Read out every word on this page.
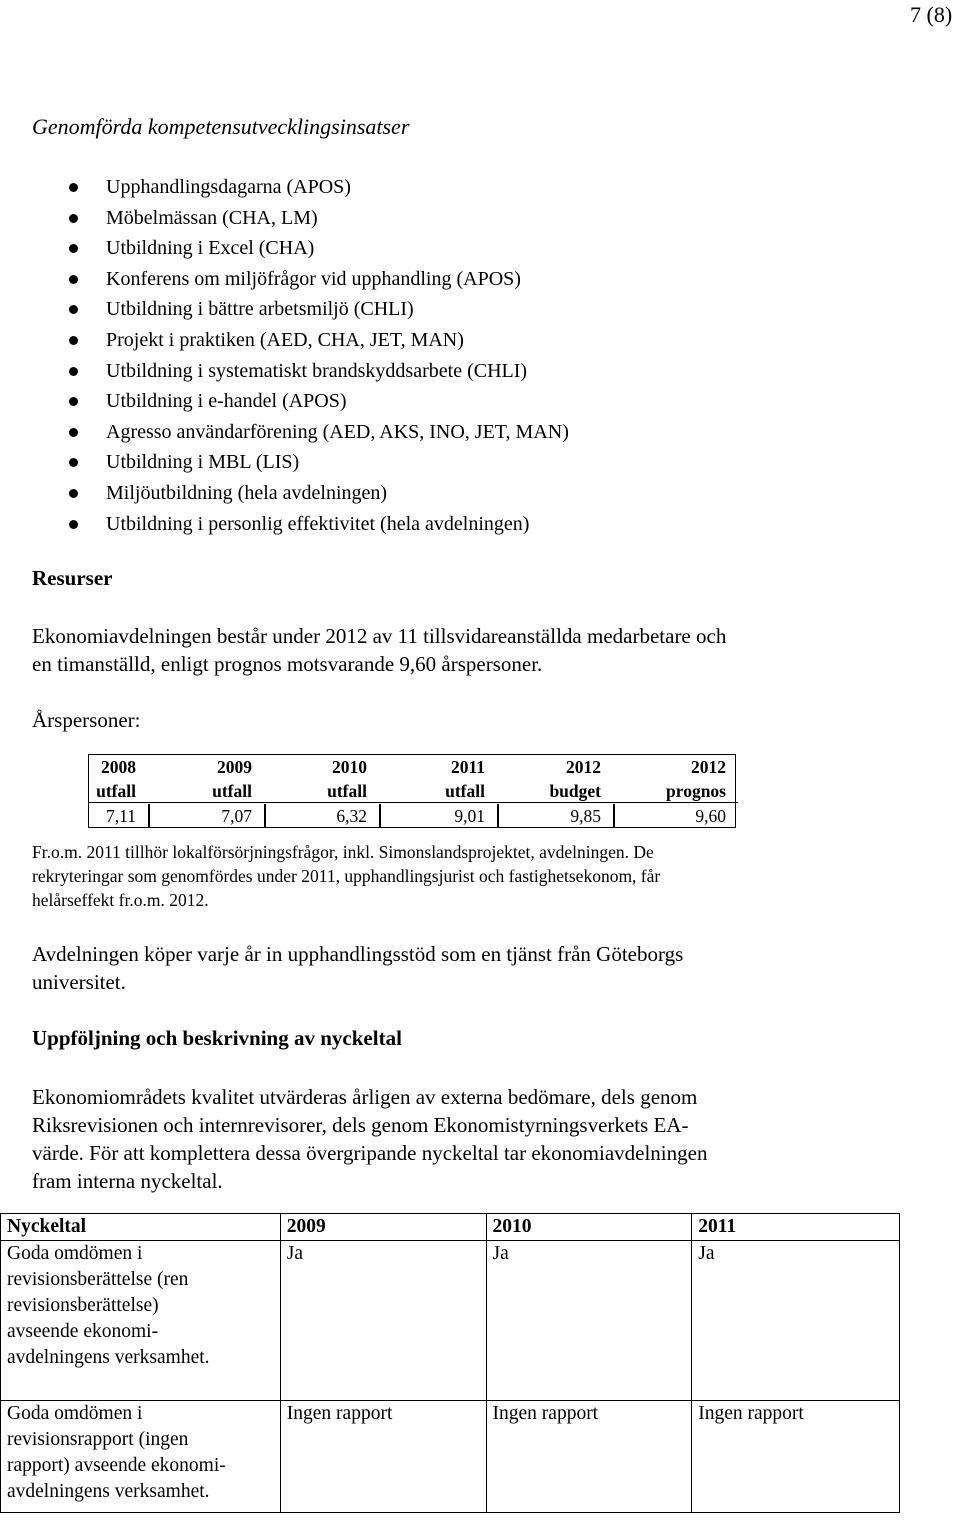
7 (8)
Genomförda kompetensutvecklingsinsatser
Upphandlingsdagarna (APOS)
Möbelmässan (CHA, LM)
Utbildning i Excel (CHA)
Konferens om miljöfrågor vid upphandling (APOS)
Utbildning i bättre arbetsmiljö (CHLI)
Projekt i praktiken (AED, CHA, JET, MAN)
Utbildning i systematiskt brandskyddsarbete (CHLI)
Utbildning i e-handel (APOS)
Agresso användarförening (AED, AKS, INO, JET, MAN)
Utbildning i MBL (LIS)
Miljöutbildning (hela avdelningen)
Utbildning i personlig effektivitet (hela avdelningen)
Resurser
Ekonomiavdelningen består under 2012 av 11 tillsvidareanställda medarbetare och
en timanställd, enligt prognos motsvarande 9,60 årspersoner.
Årspersoner:
2008	2009	2010	2011	2012	2012
utfall	utfall	utfall	utfall	budget	prognos
7,11	7,07	6,32	9,01	9,85	9,60
Fr.o.m. 2011 tillhör lokalförsörjningsfrågor, inkl. Simonslandsprojektet, avdelningen. De
rekryteringar som genomfördes under 2011, upphandlingsjurist och fastighetsekonom, får
helårseffekt fr.o.m. 2012.
Avdelningen köper varje år in upphandlingsstöd som en tjänst från Göteborgs
universitet.
Uppföljning och beskrivning av nyckeltal
Ekonomiområdets kvalitet utvärderas årligen av externa bedömare, dels genom
Riksrevisionen och internrevisorer, dels genom Ekonomistyrningsverkets EA-
värde. För att komplettera dessa övergripande nyckeltal tar ekonomiavdelningen
fram interna nyckeltal.
Nyckeltal	2009	2010	2011

Goda omdömen i
revisionsberättelse (ren
revisionsberättelse)
avseende ekonomi-
avdelningens verksamhet.	Ja	Ja	Ja

Goda omdömen i
revisionsrapport (ingen
rapport) avseende ekonomi-
avdelningens verksamhet.	Ingen rapport	Ingen rapport	Ingen rapport
